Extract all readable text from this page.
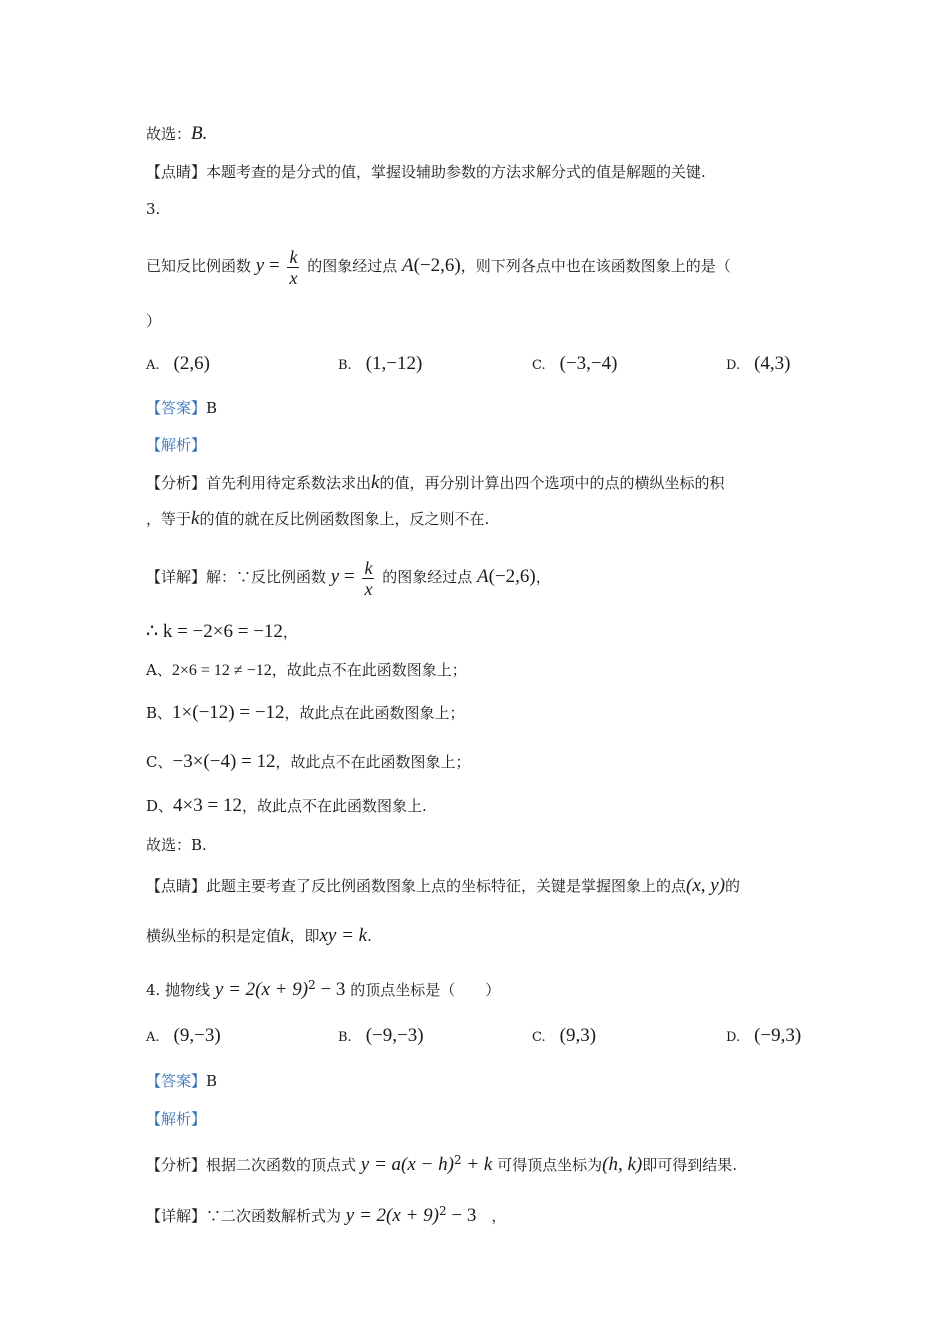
故选：B.
【点睛】本题考查的是分式的值，掌握设辅助参数的方法求解分式的值是解题的关键.
3.
已知反比例函数 $y = \frac{k}{x}$ 的图象经过点 A(−2,6)，则下列各点中也在该函数图象上的是（
）
A. (2,6)	B. (1,−12)	C. (−3,−4)	D. (4,3)
【答案】B
【解析】
【分析】首先利用待定系数法求出k的值，再分别计算出四个选项中的点的横纵坐标的积
，等于k的值的就在反比例函数图象上，反之则不在.
【详解】解：∵反比例函数 $y = \frac{k}{x}$ 的图象经过点 A(−2,6)，
∴ k = −2×6 = −12，
A、2×6 = 12 ≠ −12，故此点不在此函数图象上；
B、1×(−12) = −12，故此点在此函数图象上；
C、−3×(−4) = 12，故此点不在此函数图象上；
D、4×3 = 12，故此点不在此函数图象上.
故选：B.
【点睛】此题主要考查了反比例函数图象上点的坐标特征，关键是掌握图象上的点(x, y)的
横纵坐标的积是定值k，即xy = k.
4. 抛物线 $y = 2(x + 9)^2 - 3$ 的顶点坐标是（　　）
A. (9,−3)	B. (−9,−3)	C. (9,3)	D. (−9,3)
【答案】B
【解析】
【分析】根据二次函数的顶点式 $y = a(x - h)^2 + k$ 可得顶点坐标为(h, k)即可得到结果.
【详解】∵二次函数解析式为 $y = 2(x + 9)^2 - 3$　，
